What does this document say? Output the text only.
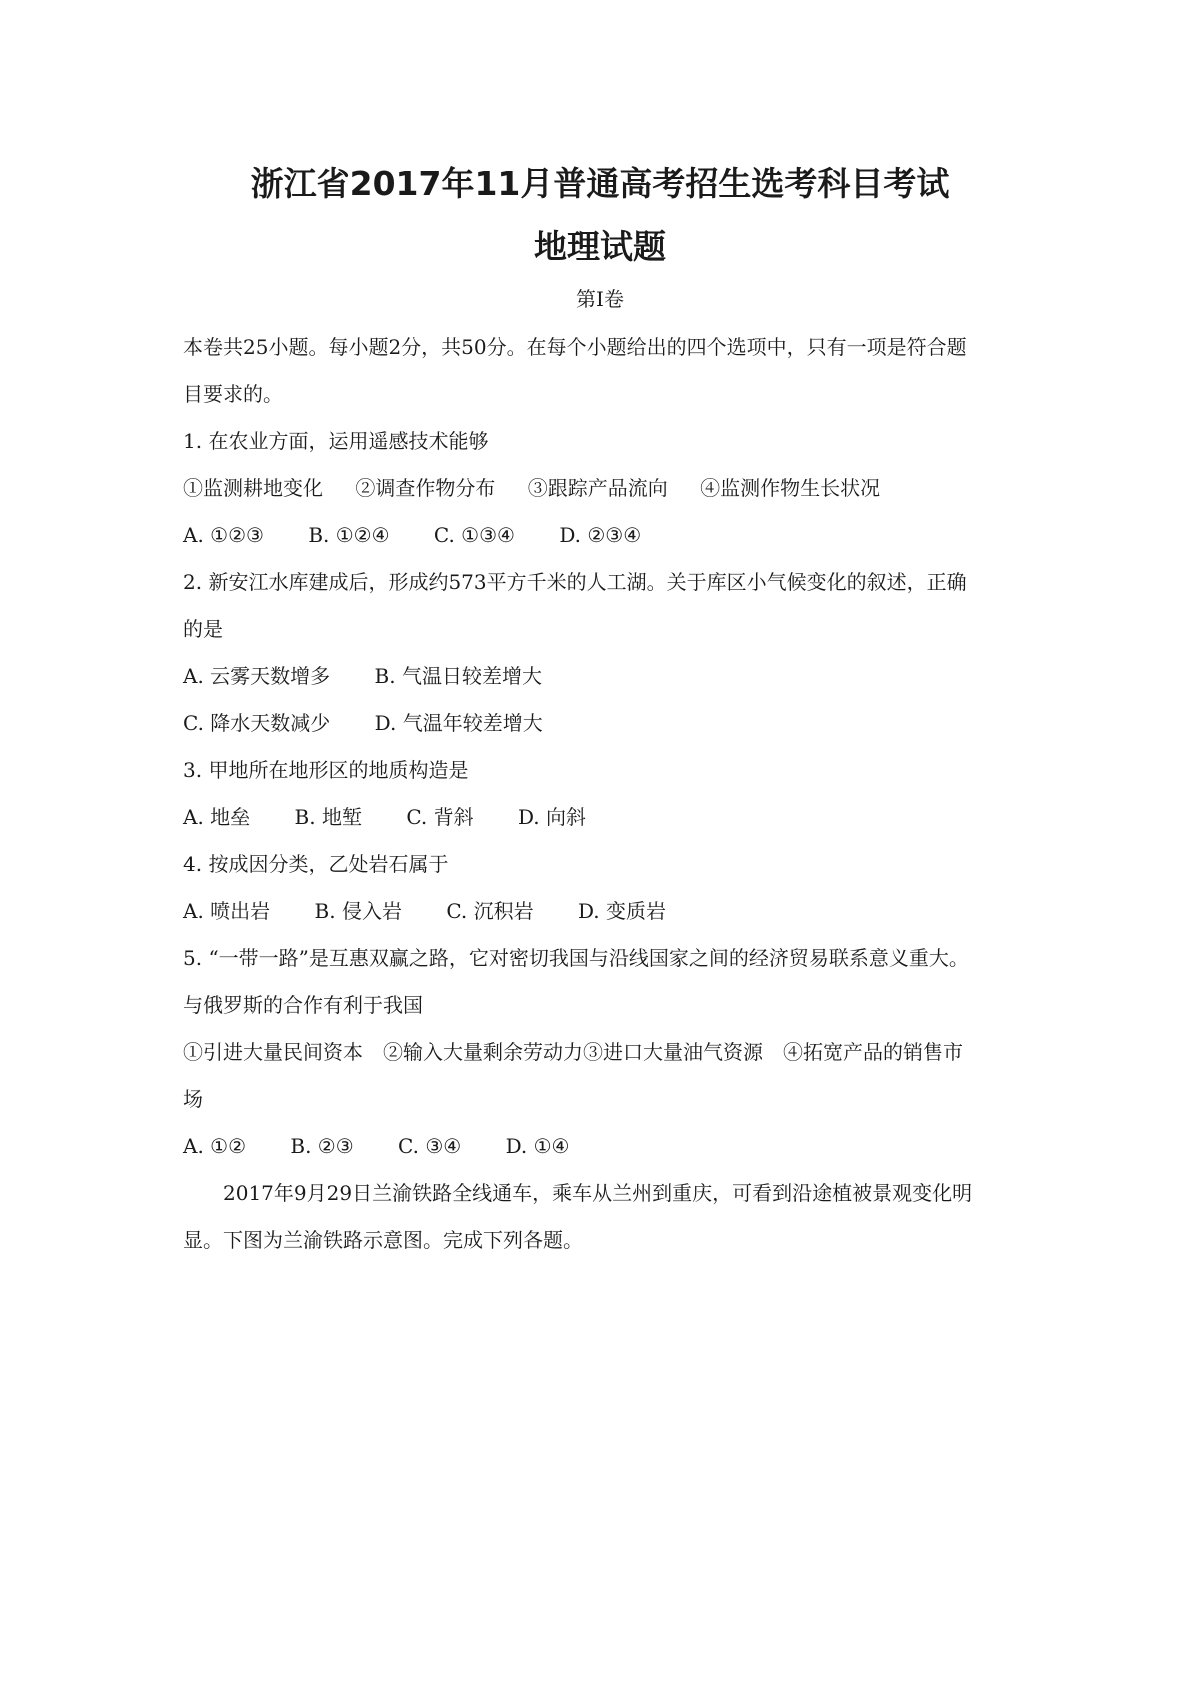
浙江省2017年11月普通高考招生选考科目考试
地理试题
第Ⅰ卷
本卷共25小题。每小题2分，共50分。在每个小题给出的四个选项中，只有一项是符合题
目要求的。
1. 在农业方面，运用遥感技术能够
①监测耕地变化 ②调查作物分布 ③跟踪产品流向 ④监测作物生长状况
A. ①②③ B. ①②④ C. ①③④ D. ②③④
2. 新安江水库建成后，形成约573平方千米的人工湖。关于库区小气候变化的叙述，正确
的是
A. 云雾天数增多 B. 气温日较差增大
C. 降水天数减少 D. 气温年较差增大
3. 甲地所在地形区的地质构造是
A. 地垒 B. 地堑 C. 背斜 D. 向斜
4. 按成因分类，乙处岩石属于
A. 喷出岩 B. 侵入岩 C. 沉积岩 D. 变质岩
5. “一带一路”是互惠双赢之路，它对密切我国与沿线国家之间的经济贸易联系意义重大。
与俄罗斯的合作有利于我国
①引进大量民间资本　②输入大量剩余劳动力③进口大量油气资源　④拓宽产品的销售市
场
A. ①② B. ②③ C. ③④ D. ①④
2017年9月29日兰渝铁路全线通车，乘车从兰州到重庆，可看到沿途植被景观变化明
显。下图为兰渝铁路示意图。完成下列各题。
